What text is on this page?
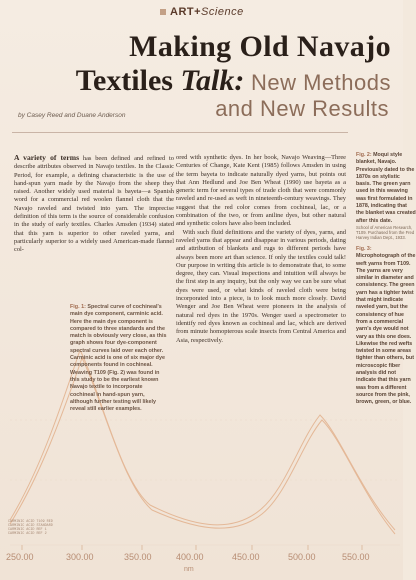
250.00	300.00	350.00	400.00	450.00	500.00	550.00
nm
CARMINIC ACID T109 RED
CARMINIC ACID STANDARD
CARMINIC ACID REF 1
CARMINIC ACID REF 2
ART+Science
Making Old Navajo
Textiles Talk: New Methods
and New Results
by Casey Reed and Duane Anderson
A variety of terms has been defined and refined to describe attributes observed in Navajo textiles. In the Classic Period, for example, a defining characteristic is the use of hand-spun yarn made by the Navajo from the sheep they raised. Another widely used material is bayeta—a Spanish word for a commercial red woolen flannel cloth that the Navajo raveled and twisted into yarn. The imprecise definition of this term is the source of considerable confusion in the study of early textiles. Charles Amsden (1934) stated that this yarn is superior to other raveled yarns, and particularly superior to a widely used American-made flannel col-
Fig. 1: Spectral curve of cochineal's main dye component, carminic acid. Here the main dye component is compared to three standards and the match is obviously very close, as this graph shows four dye-component spectral curves laid over each other. Carminic acid is one of six major dye components found in cochineal. Weaving T109 (Fig. 2) was found in this study to be the earliest known Navajo textile to incorporate cochineal in hand-spun yarn, although further testing will likely reveal still earlier examples.
ored with synthetic dyes. In her book, Navajo Weaving—Three Centuries of Change, Kate Kent (1985) follows Amsden in using the term bayeta to indicate naturally dyed yarns, but points out that Ann Hedlund and Joe Ben Wheat (1990) use bayeta as a generic term for several types of trade cloth that were commonly raveled and re-used as weft in nineteenth-century weavings. They suggest that the red color comes from cochineal, lac, or a combination of the two, or from aniline dyes, but other natural and synthetic colors have also been included.
With such fluid definitions and the variety of dyes, yarns, and raveled yarns that appear and disappear in various periods, dating and attribution of blankets and rugs to different periods have always been more art than science. If only the textiles could talk! Our purpose in writing this article is to demonstrate that, to some degree, they can. Visual inspections and intuition will always be the first step in any inquiry, but the only way we can be sure what dyes were used, or what kinds of raveled cloth were being incorporated into a piece, is to look much more closely. David Wenger and Joe Ben Wheat were pioneers in the analysis of natural red dyes in the 1970s. Wenger used a spectrometer to identify red dyes known as cochineal and lac, which are derived from minute homopterous scale insects from Central America and Asia, respectively.
Fig. 2: Moqui style blanket, Navajo. Previously dated to the 1870s on stylistic basis. The green yarn used in this weaving was first formulated in 1878, indicating that the blanket was created after this date.
School of American Research, T109. Purchased from the Fred Harvey Indian Dept., 1933.
Fig. 3: Microphotograph of the weft yarns from T109. The yarns are very similar in diameter and consistency. The green yarn has a tighter twist that might indicate raveled yarn, but the consistency of hue from a commercial yarn's dye would not vary as this one does. Likewise the red wefts twisted in some areas tighter than others, but microscopic fiber analysis did not indicate that this yarn was from a different source from the pink, brown, green, or blue.
